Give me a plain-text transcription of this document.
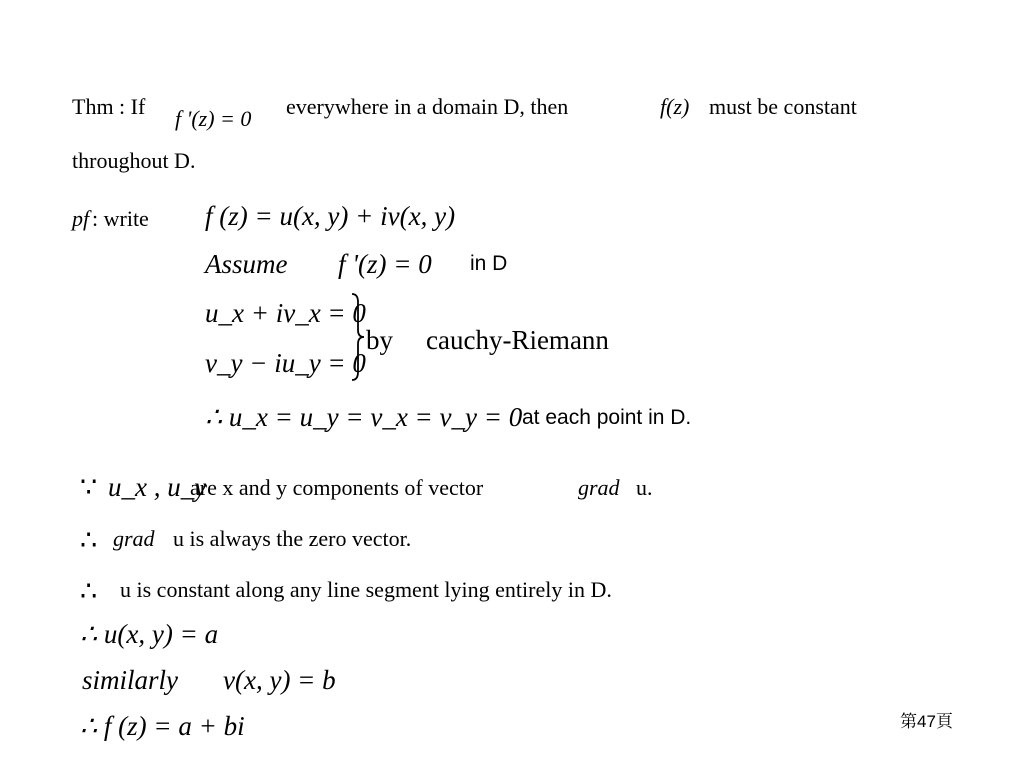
Thm : If f '(z) = 0 everywhere in a domain D, then	f(z) must be constant
throughout D.
pf : write f (z) = u(x, y) + iv(x, y)
Assume f '(z) = 0 in D
u_x + iv_x = 0
v_y − iu_y = 0
by cauchy-Riemann
∴ u_x = u_y = v_x = v_y = 0 at each point in D.
∵ u_x , u_y
are x and y components of vector	grad u.
∴ grad u is always the zero vector.
∴ u is constant along any line segment lying entirely in D.
∴ u(x, y) = a
similarly v(x, y) = b
∴ f (z) = a + bi	第47頁
